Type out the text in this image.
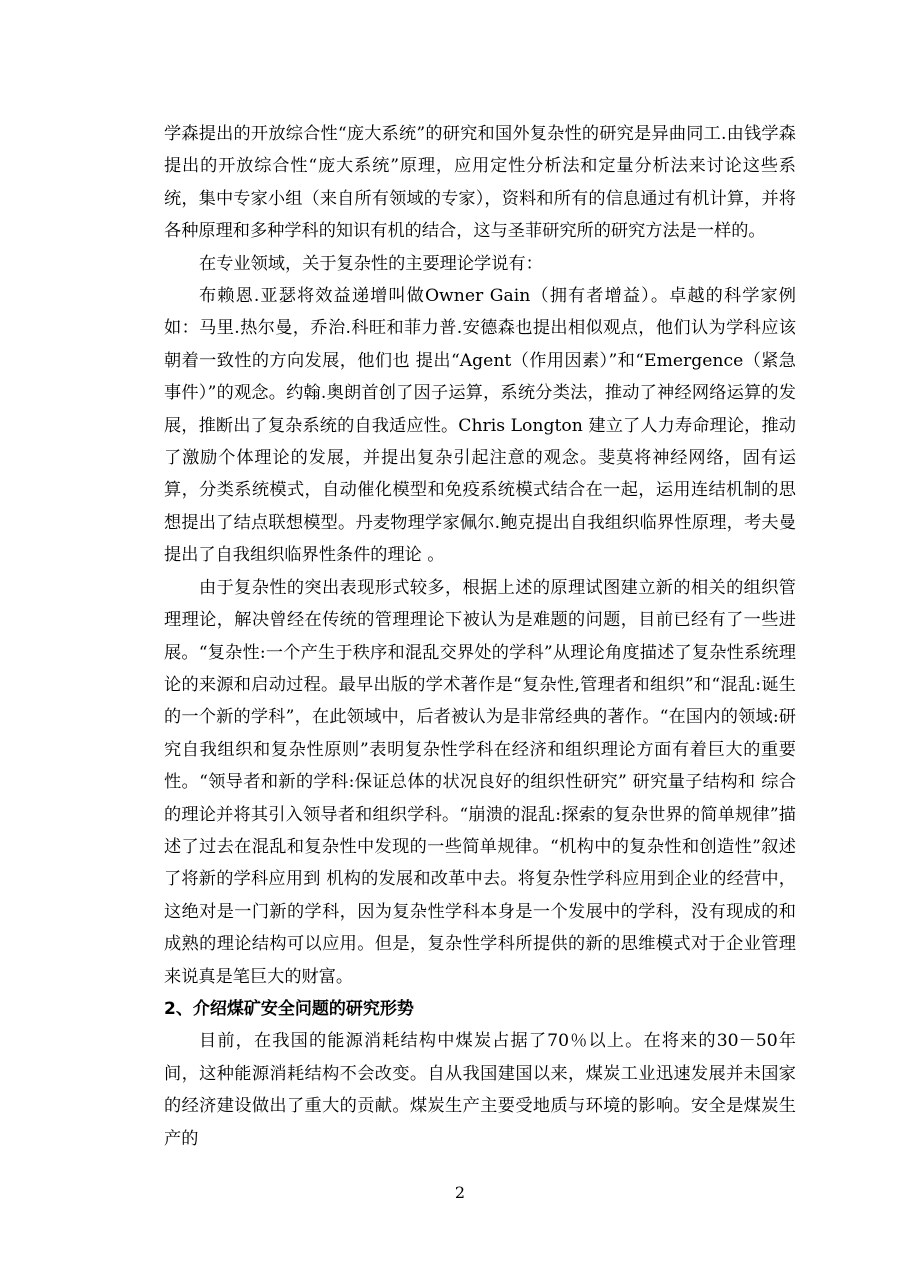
学森提出的开放综合性“庞大系统”的研究和国外复杂性的研究是异曲同工.由钱学森提出的开放综合性“庞大系统”原理，应用定性分析法和定量分析法来讨论这些系统，集中专家小组（来自所有领域的专家），资料和所有的信息通过有机计算，并将各种原理和多种学科的知识有机的结合，这与圣菲研究所的研究方法是一样的。

在专业领域，关于复杂性的主要理论学说有：

布赖恩.亚瑟将效益递增叫做Owner Gain（拥有者增益）。卓越的科学家例如：马里.热尔曼，乔治.科旺和菲力普.安德森也提出相似观点，他们认为学科应该朝着一致性的方向发展，他们也 提出“Agent（作用因素）”和“Emergence（紧急事件）”的观念。约翰.奥朗首创了因子运算，系统分类法，推动了神经网络运算的发展，推断出了复杂系统的自我适应性。Chris Longton 建立了人力寿命理论，推动了激励个体理论的发展，并提出复杂引起注意的观念。斐莫将神经网络，固有运算，分类系统模式，自动催化模型和免疫系统模式结合在一起，运用连结机制的思想提出了结点联想模型。丹麦物理学家佩尔.鲍克提出自我组织临界性原理，考夫曼提出了自我组织临界性条件的理论 。

由于复杂性的突出表现形式较多，根据上述的原理试图建立新的相关的组织管理理论，解决曾经在传统的管理理论下被认为是难题的问题，目前已经有了一些进展。“复杂性:一个产生于秩序和混乱交界处的学科”从理论角度描述了复杂性系统理论的来源和启动过程。最早出版的学术著作是“复杂性,管理者和组织”和“混乱:诞生的一个新的学科”，在此领域中，后者被认为是非常经典的著作。“在国内的领域:研究自我组织和复杂性原则”表明复杂性学科在经济和组织理论方面有着巨大的重要性。“领导者和新的学科:保证总体的状况良好的组织性研究” 研究量子结构和 综合的理论并将其引入领导者和组织学科。“崩溃的混乱:探索的复杂世界的简单规律”描述了过去在混乱和复杂性中发现的一些简单规律。“机构中的复杂性和创造性”叙述了将新的学科应用到 机构的发展和改革中去。将复杂性学科应用到企业的经营中，这绝对是一门新的学科，因为复杂性学科本身是一个发展中的学科，没有现成的和成熟的理论结构可以应用。但是，复杂性学科所提供的新的思维模式对于企业管理来说真是笔巨大的财富。

2、介绍煤矿安全问题的研究形势

目前，在我国的能源消耗结构中煤炭占据了70％以上。在将来的30－50年间，这种能源消耗结构不会改变。自从我国建国以来，煤炭工业迅速发展并未国家的经济建设做出了重大的贡献。煤炭生产主要受地质与环境的影响。安全是煤炭生产的

2
